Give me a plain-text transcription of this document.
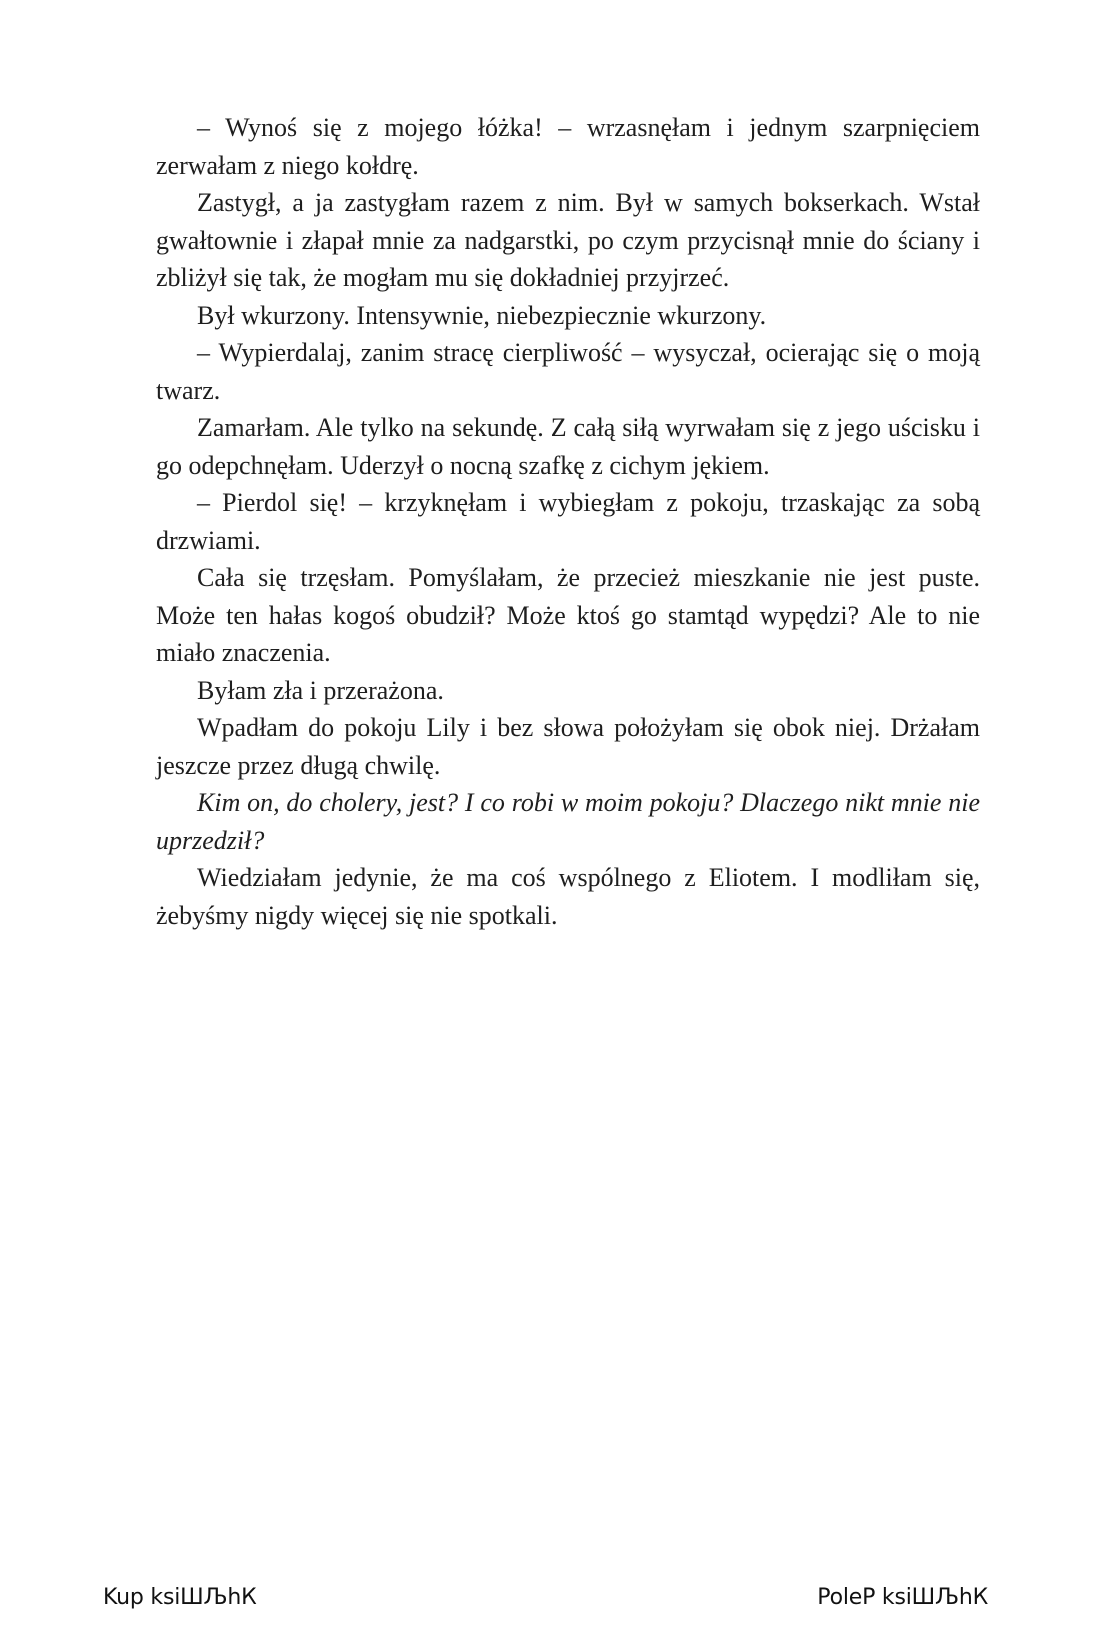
– Wynoś się z mojego łóżka! – wrzasnęłam i jednym szarpnięciem zerwałam z niego kołdrę.

Zastygł, a ja zastygłam razem z nim. Był w samych bokserkach. Wstał gwałtownie i złapał mnie za nadgarstki, po czym przycisnął mnie do ściany i zbliżył się tak, że mogłam mu się dokładniej przyjrzeć.

Był wkurzony. Intensywnie, niebezpiecznie wkurzony.

– Wypierdalaj, zanim stracę cierpliwość – wysyczał, ocierając się o moją twarz.

Zamarłam. Ale tylko na sekundę. Z całą siłą wyrwałam się z jego uścisku i go odepchnęłam. Uderzył o nocną szafkę z cichym jękiem.

– Pierdol się! – krzyknęłam i wybiegłam z pokoju, trzaskając za sobą drzwiami.

Cała się trzęsłam. Pomyślałam, że przecież mieszkanie nie jest puste. Może ten hałas kogoś obudził? Może ktoś go stamtąd wypędzi? Ale to nie miało znaczenia.

Byłam zła i przerażona.

Wpadłam do pokoju Lily i bez słowa położyłam się obok niej. Drżałam jeszcze przez długą chwilę.

Kim on, do cholery, jest? I co robi w moim pokoju? Dlaczego nikt mnie nie uprzedził?

Wiedziałam jedynie, że ma coś wspólnego z Eliotem. I modliłam się, żebyśmy nigdy więcej się nie spotkali.

Kup ksiШЉhК	PoleР ksiШЉhК
